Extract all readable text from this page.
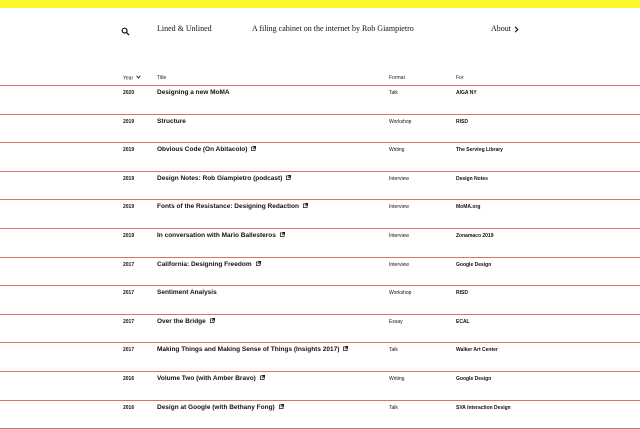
Lined & Unlined	A filing cabinet on the internet by Rob Giampietro	About
Year	Title	Format	For
2020	Designing a new MoMA	Talk	AIGA NY
2019	Structure	Workshop	RISD
2019	Obvious Code (On Abitacolo)	Writing	The Serving Library
2019	Design Notes: Rob Giampietro (podcast)	Interview	Design Notes
2019	Fonts of the Resistance: Designing Redaction	Interview	MoMA.org
2019	In conversation with Mario Ballesteros	Interview	Zonamaco 2019
2017	California: Designing Freedom	Interview	Google Design
2017	Sentiment Analysis	Workshop	RISD
2017	Over the Bridge	Essay	ECAL
2017	Making Things and Making Sense of Things (Insights 2017)	Talk	Walker Art Center
2016	Volume Two (with Amber Bravo)	Writing	Google Design
2016	Design at Google (with Bethany Fong)	Talk	SVA Interaction Design
